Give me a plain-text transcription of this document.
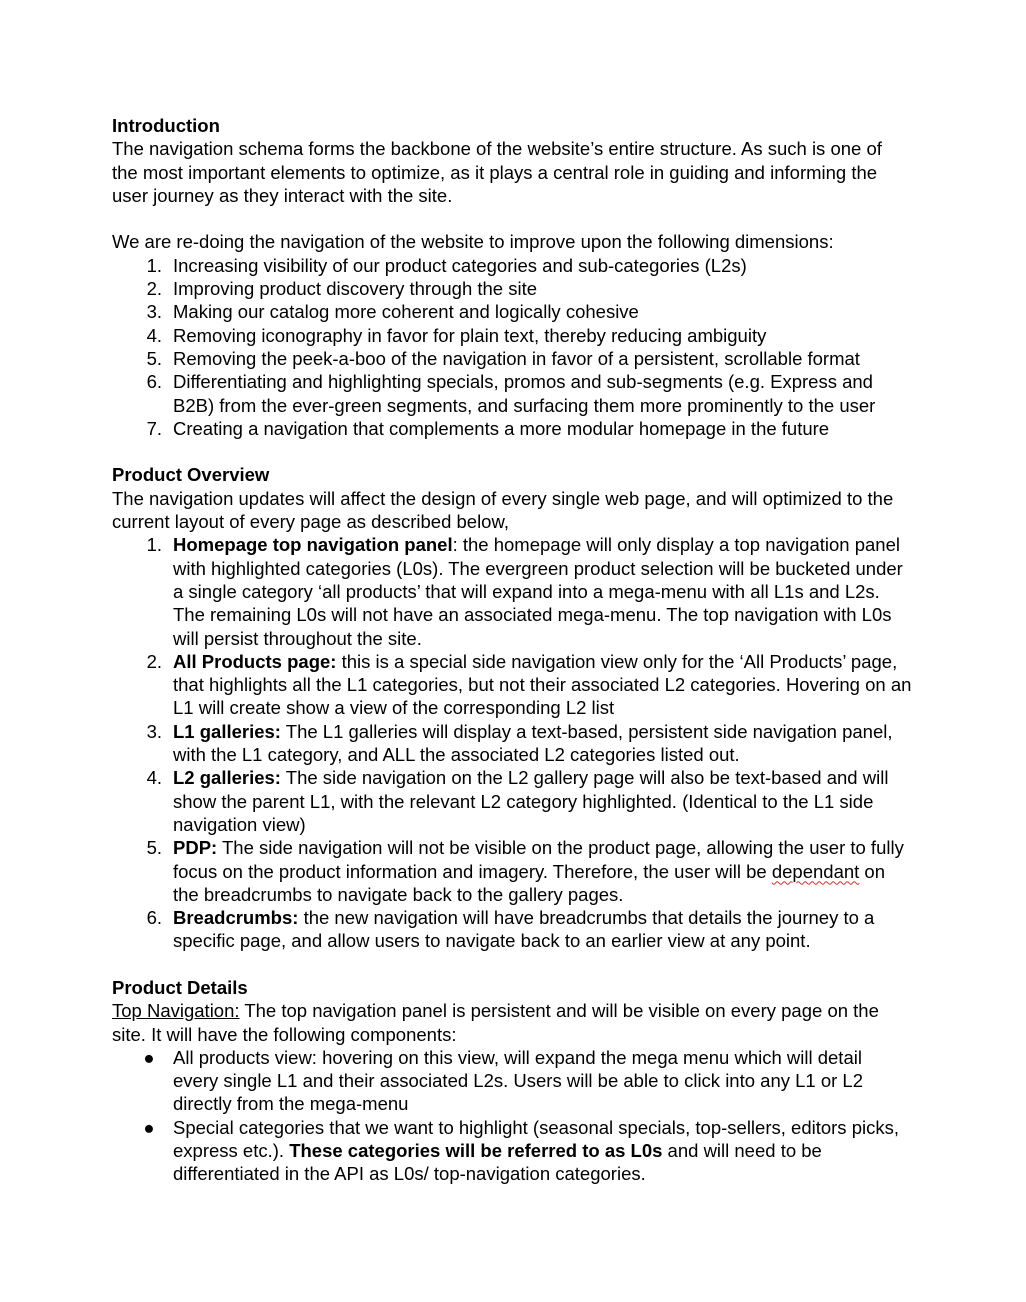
Introduction

The navigation schema forms the backbone of the website’s entire structure. As such is one of the most important elements to optimize, as it plays a central role in guiding and informing the user journey as they interact with the site.

We are re-doing the navigation of the website to improve upon the following dimensions:

1. Increasing visibility of our product categories and sub-categories (L2s)
2. Improving product discovery through the site
3. Making our catalog more coherent and logically cohesive
4. Removing iconography in favor for plain text, thereby reducing ambiguity
5. Removing the peek-a-boo of the navigation in favor of a persistent, scrollable format
6. Differentiating and highlighting specials, promos and sub-segments (e.g. Express and B2B) from the ever-green segments, and surfacing them more prominently to the user
7. Creating a navigation that complements a more modular homepage in the future
Product Overview

The navigation updates will affect the design of every single web page, and will optimized to the current layout of every page as described below,

1. Homepage top navigation panel: the homepage will only display a top navigation panel with highlighted categories (L0s). The evergreen product selection will be bucketed under a single category ‘all products’ that will expand into a mega-menu with all L1s and L2s. The remaining L0s will not have an associated mega-menu. The top navigation with L0s will persist throughout the site.
2. All Products page: this is a special side navigation view only for the ‘All Products’ page, that highlights all the L1 categories, but not their associated L2 categories. Hovering on an L1 will create show a view of the corresponding L2 list
3. L1 galleries: The L1 galleries will display a text-based, persistent side navigation panel, with the L1 category, and ALL the associated L2 categories listed out.
4. L2 galleries: The side navigation on the L2 gallery page will also be text-based and will show the parent L1, with the relevant L2 category highlighted. (Identical to the L1 side navigation view)
5. PDP: The side navigation will not be visible on the product page, allowing the user to fully focus on the product information and imagery. Therefore, the user will be dependant on the breadcrumbs to navigate back to the gallery pages.
6. Breadcrumbs: the new navigation will have breadcrumbs that details the journey to a specific page, and allow users to navigate back to an earlier view at any point.
Product Details

Top Navigation: The top navigation panel is persistent and will be visible on every page on the site. It will have the following components:

● All products view: hovering on this view, will expand the mega menu which will detail every single L1 and their associated L2s. Users will be able to click into any L1 or L2 directly from the mega-menu
● Special categories that we want to highlight (seasonal specials, top-sellers, editors picks, express etc.). These categories will be referred to as L0s and will need to be differentiated in the API as L0s/ top-navigation categories.
